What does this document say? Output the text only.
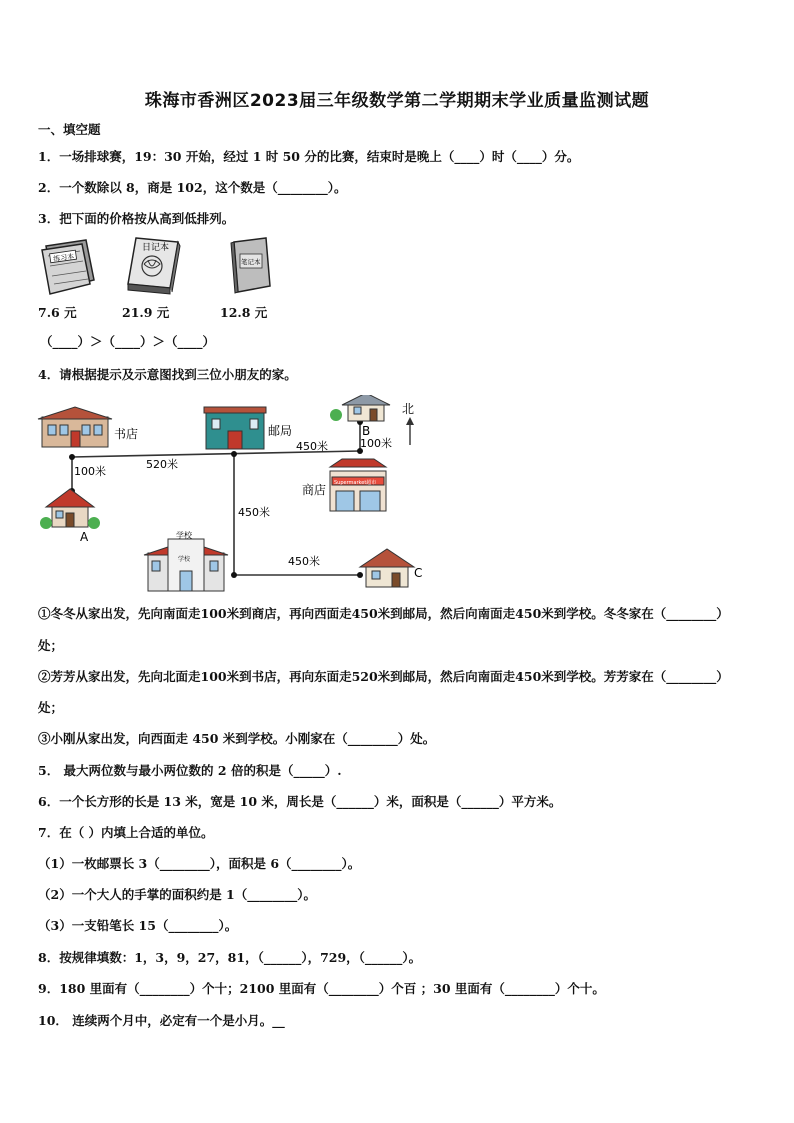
珠海市香洲区2023届三年级数学第二学期期末学业质量监测试题
一、填空题
1．一场排球赛，19：30 开始，经过 1 时 50 分的比赛，结束时是晚上（____）时（____）分。
2．一个数除以 8，商是 102，这个数是（________）。
3．把下面的价格按从高到低排列。
练习本
日记本
笔记本
7.6 元	21.9 元	12.8 元
（____）＞（____）＞（____）
4．请根据提示及示意图找到三位小朋友的家。
书店
100米
520米
A
邮局
450米
B
100米
北
Supermarket超市
商店
450米
学校
学校
450米
C
①冬冬从家出发，先向南面走100米到商店，再向西面走450米到邮局，然后向南面走450米到学校。冬冬家在（________）
处；
②芳芳从家出发，先向北面走100米到书店，再向东面走520米到邮局，然后向南面走450米到学校。芳芳家在（________）
处；
③小刚从家出发，向西面走 450 米到学校。小刚家在（________）处。
5． 最大两位数与最小两位数的 2 倍的积是（_____）.
6．一个长方形的长是 13 米，宽是 10 米，周长是（______）米，面积是（______）平方米。
7．在（ ）内填上合适的单位。
（1）一枚邮票长 3（________），面积是 6（________）。
（2）一个大人的手掌的面积约是 1（________）。
（3）一支铅笔长 15（________）。
8．按规律填数：1，3，9，27，81，（______），729，（______）。
9．180 里面有（________）个十；2100 里面有（________）个百 ；30 里面有（________）个十。
10． 连续两个月中，必定有一个是小月。__
